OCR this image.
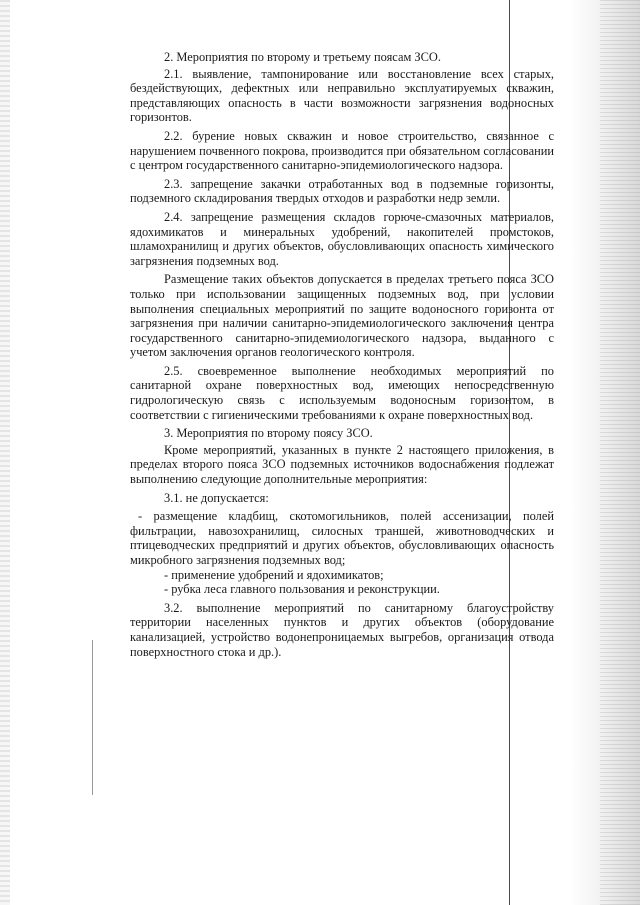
2. Мероприятия по второму и третьему поясам ЗСО.

2.1. выявление, тампонирование или восстановление всех старых, бездействующих, дефектных или неправильно эксплуатируемых скважин, представляющих опасность в части возможности загрязнения водоносных горизонтов.

2.2. бурение новых скважин и новое строительство, связанное с нарушением почвенного покрова, производится при обязательном согласовании с центром государственного санитарно-эпидемиологического надзора.

2.3. запрещение закачки отработанных вод в подземные горизонты, подземного складирования твердых отходов и разработки недр земли.

2.4. запрещение размещения складов горюче-смазочных материалов, ядохимикатов и минеральных удобрений, накопителей промстоков, шламохранилищ и других объектов, обусловливающих опасность химического загрязнения подземных вод.

Размещение таких объектов допускается в пределах третьего пояса ЗСО только при использовании защищенных подземных вод, при условии выполнения специальных мероприятий по защите водоносного горизонта от загрязнения при наличии санитарно-эпидемиологического заключения центра государственного санитарно-эпидемиологического надзора, выданного с учетом заключения органов геологического контроля.

2.5. своевременное выполнение необходимых мероприятий по санитарной охране поверхностных вод, имеющих непосредственную гидрологическую связь с используемым водоносным горизонтом, в соответствии с гигиеническими требованиями к охране поверхностных вод.

3. Мероприятия по второму поясу ЗСО.

Кроме мероприятий, указанных в пункте 2 настоящего приложения, в пределах второго пояса ЗСО подземных источников водоснабжения подлежат выполнению следующие дополнительные мероприятия:

3.1. не допускается:

- размещение кладбищ, скотомогильников, полей ассенизации, полей фильтрации, навозохранилищ, силосных траншей, животноводческих и птицеводческих предприятий и других объектов, обусловливающих опасность микробного загрязнения подземных вод;

- применение удобрений и ядохимикатов;

- рубка леса главного пользования и реконструкции.

3.2. выполнение мероприятий по санитарному благоустройству территории населенных пунктов и других объектов (оборудование канализацией, устройство водонепроницаемых выгребов, организация отвода поверхностного стока и др.).
